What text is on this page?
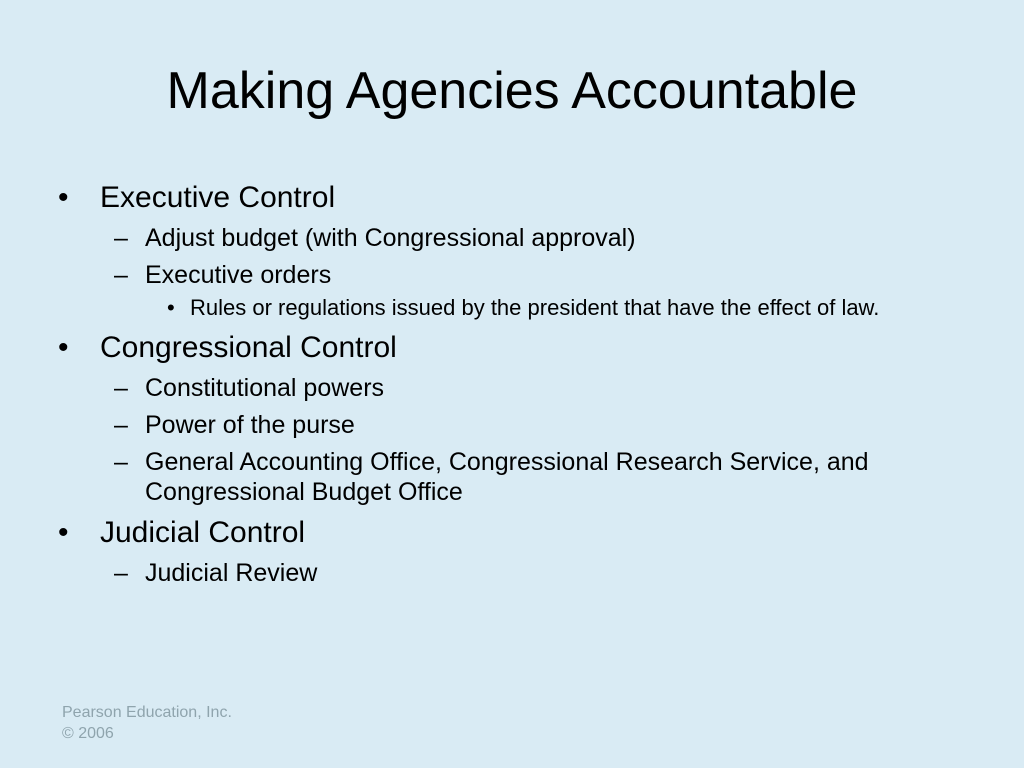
Making Agencies Accountable
• Executive Control
– Adjust budget (with Congressional approval)
– Executive orders
• Rules or regulations issued by the president that have the effect of law.
• Congressional Control
– Constitutional powers
– Power of the purse
– General Accounting Office, Congressional Research Service, and Congressional Budget Office
• Judicial Control
– Judicial Review
Pearson Education, Inc.
© 2006
